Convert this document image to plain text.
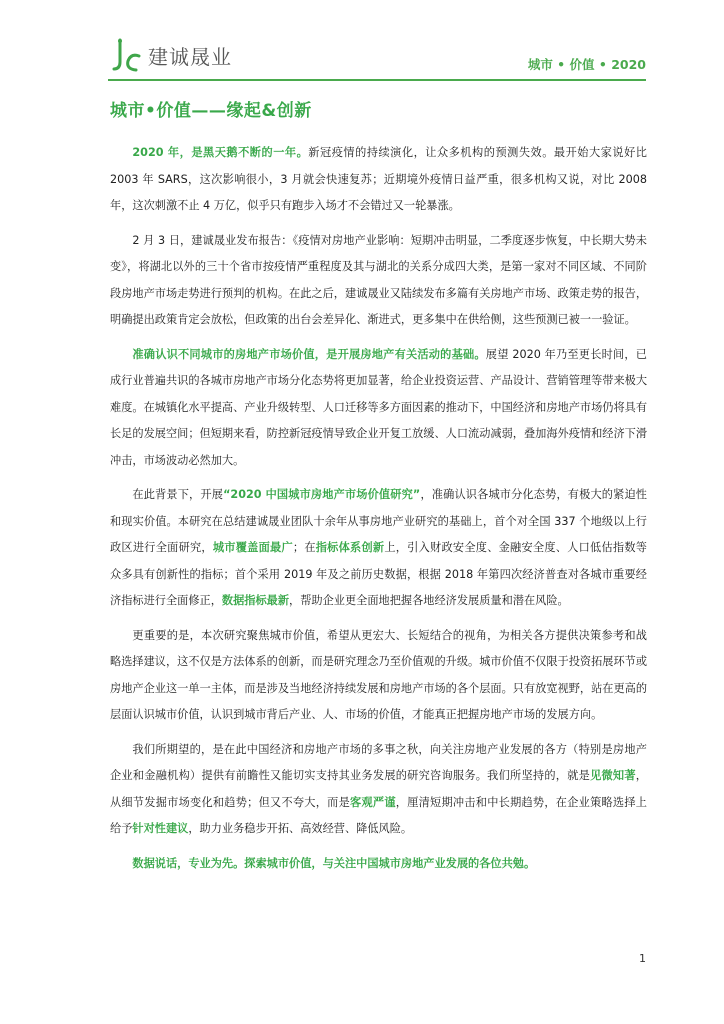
建诚晟业	城市 • 价值 • 2020
城市•价值——缘起&创新

2020 年，是黑天鹅不断的一年。新冠疫情的持续演化，让众多机构的预测失效。最开始大家说好比 2003 年 SARS，这次影响很小，3 月就会快速复苏；近期境外疫情日益严重，很多机构又说，对比 2008 年，这次刺激不止 4 万亿，似乎只有跑步入场才不会错过又一轮暴涨。

2 月 3 日，建诚晟业发布报告：《疫情对房地产业影响：短期冲击明显，二季度逐步恢复，中长期大势未变》，将湖北以外的三十个省市按疫情严重程度及其与湖北的关系分成四大类，是第一家对不同区域、不同阶段房地产市场走势进行预判的机构。在此之后，建诚晟业又陆续发布多篇有关房地产市场、政策走势的报告，明确提出政策肯定会放松，但政策的出台会差异化、渐进式，更多集中在供给侧，这些预测已被一一验证。

准确认识不同城市的房地产市场价值，是开展房地产有关活动的基础。展望 2020 年乃至更长时间，已成行业普遍共识的各城市房地产市场分化态势将更加显著，给企业投资运营、产品设计、营销管理等带来极大难度。在城镇化水平提高、产业升级转型、人口迁移等多方面因素的推动下，中国经济和房地产市场仍将具有长足的发展空间；但短期来看，防控新冠疫情导致企业开复工放缓、人口流动减弱，叠加海外疫情和经济下滑冲击，市场波动必然加大。

在此背景下，开展“2020 中国城市房地产市场价值研究”，准确认识各城市分化态势，有极大的紧迫性和现实价值。本研究在总结建诚晟业团队十余年从事房地产业研究的基础上，首个对全国 337 个地级以上行政区进行全面研究，城市覆盖面最广；在指标体系创新上，引入财政安全度、金融安全度、人口低估指数等众多具有创新性的指标；首个采用 2019 年及之前历史数据，根据 2018 年第四次经济普查对各城市重要经济指标进行全面修正，数据指标最新，帮助企业更全面地把握各地经济发展质量和潜在风险。

更重要的是，本次研究聚焦城市价值，希望从更宏大、长短结合的视角，为相关各方提供决策参考和战略选择建议，这不仅是方法体系的创新，而是研究理念乃至价值观的升级。城市价值不仅限于投资拓展环节或房地产企业这一单一主体，而是涉及当地经济持续发展和房地产市场的各个层面。只有放宽视野，站在更高的层面认识城市价值，认识到城市背后产业、人、市场的价值，才能真正把握房地产市场的发展方向。

我们所期望的，是在此中国经济和房地产市场的多事之秋，向关注房地产业发展的各方（特别是房地产企业和金融机构）提供有前瞻性又能切实支持其业务发展的研究咨询服务。我们所坚持的，就是见微知著，从细节发掘市场变化和趋势；但又不夸大，而是客观严谨，厘清短期冲击和中长期趋势，在企业策略选择上给予针对性建议，助力业务稳步开拓、高效经营、降低风险。

数据说话，专业为先。探索城市价值，与关注中国城市房地产业发展的各位共勉。

1
